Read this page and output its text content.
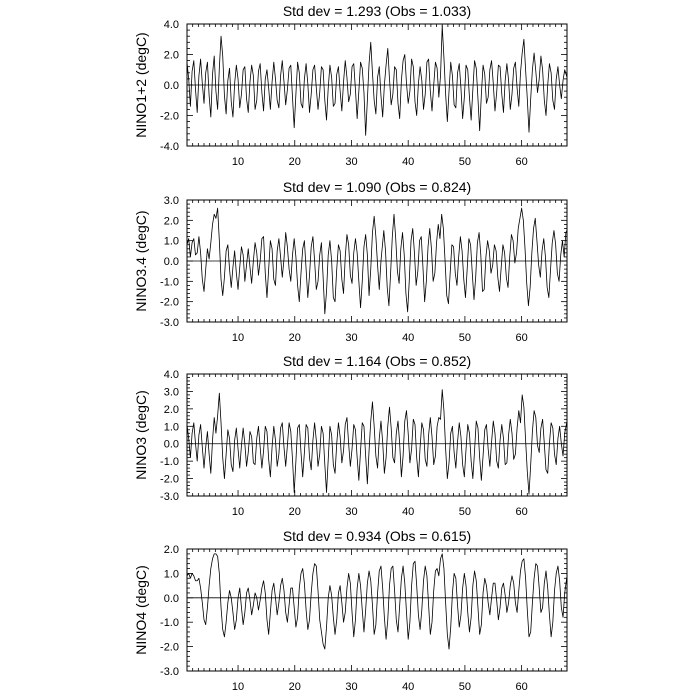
-4.0
-2.0
0.0
2.0
4.0
10	20	30	40	50	60
Std dev = 1.293 (Obs = 1.033)
NINO1+2 (degC)
-3.0
-2.0
-1.0
0.0
1.0
2.0
3.0
10	20	30	40	50	60
Std dev = 1.090 (Obs = 0.824)
NINO3.4 (degC)
-3.0
-2.0
-1.0
0.0
1.0
2.0
3.0
4.0
10	20	30	40	50	60
Std dev = 1.164 (Obs = 0.852)
NINO3 (degC)
-3.0
-2.0
-1.0
0.0
1.0
2.0
10	20	30	40	50	60
Std dev = 0.934 (Obs = 0.615)
NINO4 (degC)
